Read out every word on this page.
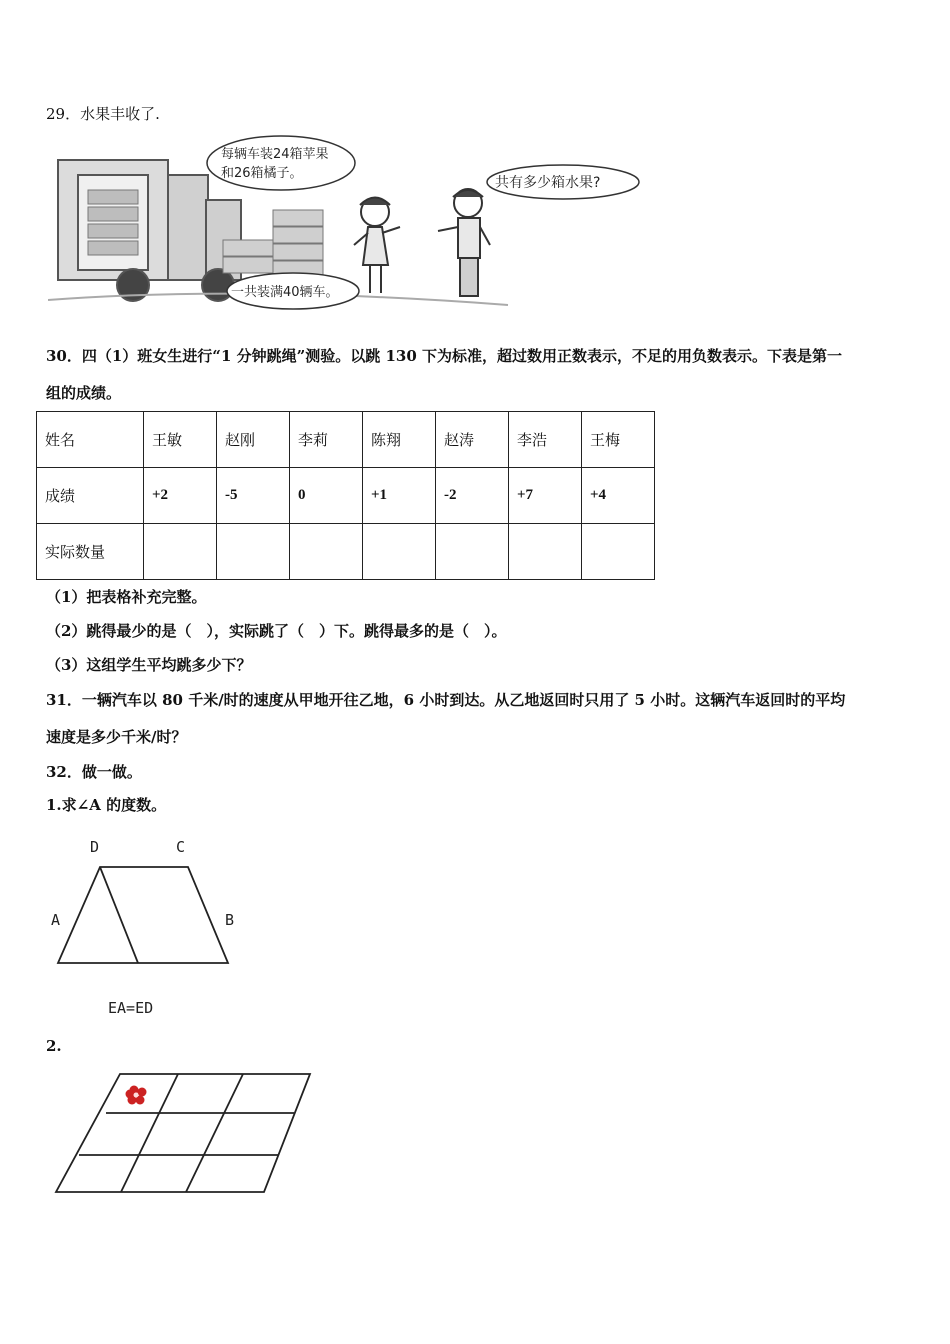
29．水果丰收了.
每辆车装24箱苹果
和26箱橘子。
共有多少箱水果?
一共装满40辆车。
30．四（1）班女生进行“1 分钟跳绳”测验。以跳 130 下为标准，超过数用正数表示，不足的用负数表示。下表是第一
组的成绩。
姓名	王敏	赵刚	李莉	陈翔	赵涛	李浩	王梅
成绩	+2	-5	0	+1	-2	+7	+4
实际数量							
（1）把表格补充完整。
（2）跳得最少的是（　），实际跳了（　）下。跳得最多的是（　）。
（3）这组学生平均跳多少下？
31．一辆汽车以 80 千米/时的速度从甲地开往乙地，6 小时到达。从乙地返回时只用了 5 小时。这辆汽车返回时的平均
速度是多少千米/时？
32．做一做。
1.求∠A 的度数。
D	C
A	B
EA=ED
2.
